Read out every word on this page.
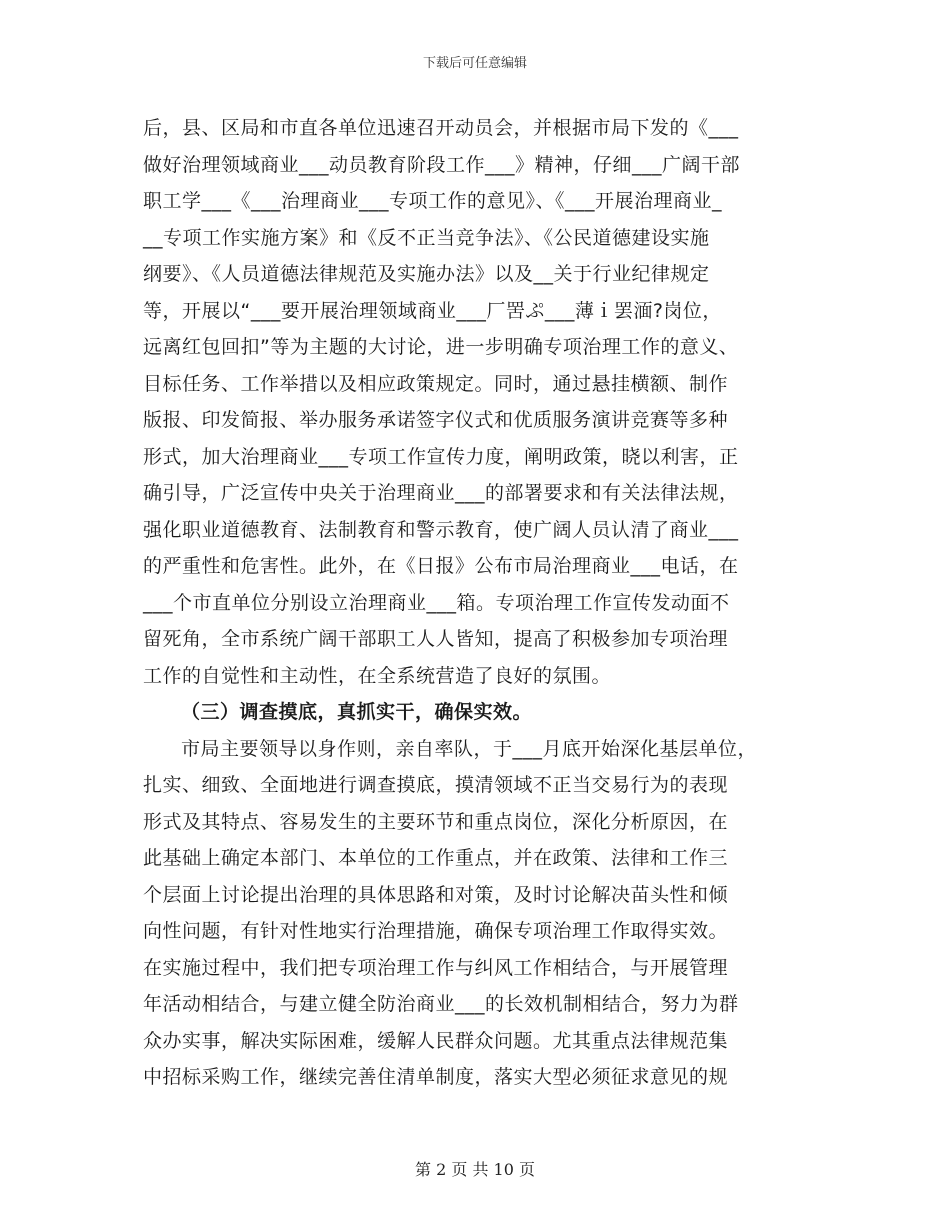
下载后可任意编辑
后，县、区局和市直各单位迅速召开动员会，并根据市局下发的《___
做好治理领域商业___动员教育阶段工作___》精神，仔细___广阔干部
职工学___《___治理商业___专项工作的意见》、《___开展治理商业_
__专项工作实施方案》和《反不正当竞争法》、《公民道德建设实施
纲要》、《人员道德法律规范及实施办法》以及__关于行业纪律规定
等，开展以“___要开展治理领域商业___厂罟ぷ___薄ｉ罢湎?岗位，
远离红包回扣”等为主题的大讨论，进一步明确专项治理工作的意义、
目标任务、工作举措以及相应政策规定。同时，通过悬挂横额、制作
版报、印发简报、举办服务承诺签字仪式和优质服务演讲竞赛等多种
形式，加大治理商业___专项工作宣传力度，阐明政策，晓以利害，正
确引导，广泛宣传中央关于治理商业___的部署要求和有关法律法规，
强化职业道德教育、法制教育和警示教育，使广阔人员认清了商业___
的严重性和危害性。此外，在《日报》公布市局治理商业___电话，在
___个市直单位分别设立治理商业___箱。专项治理工作宣传发动面不
留死角，全市系统广阔干部职工人人皆知，提高了积极参加专项治理
工作的自觉性和主动性，在全系统营造了良好的氛围。
（三）调查摸底，真抓实干，确保实效。
市局主要领导以身作则，亲自率队，于___月底开始深化基层单位，
扎实、细致、全面地进行调查摸底，摸清领域不正当交易行为的表现
形式及其特点、容易发生的主要环节和重点岗位，深化分析原因，在
此基础上确定本部门、本单位的工作重点，并在政策、法律和工作三
个层面上讨论提出治理的具体思路和对策，及时讨论解决苗头性和倾
向性问题，有针对性地实行治理措施，确保专项治理工作取得实效。
在实施过程中，我们把专项治理工作与纠风工作相结合，与开展管理
年活动相结合，与建立健全防治商业___的长效机制相结合，努力为群
众办实事，解决实际困难，缓解人民群众问题。尤其重点法律规范集
中招标采购工作，继续完善住清单制度，落实大型必须征求意见的规
第 2 页 共 10 页
